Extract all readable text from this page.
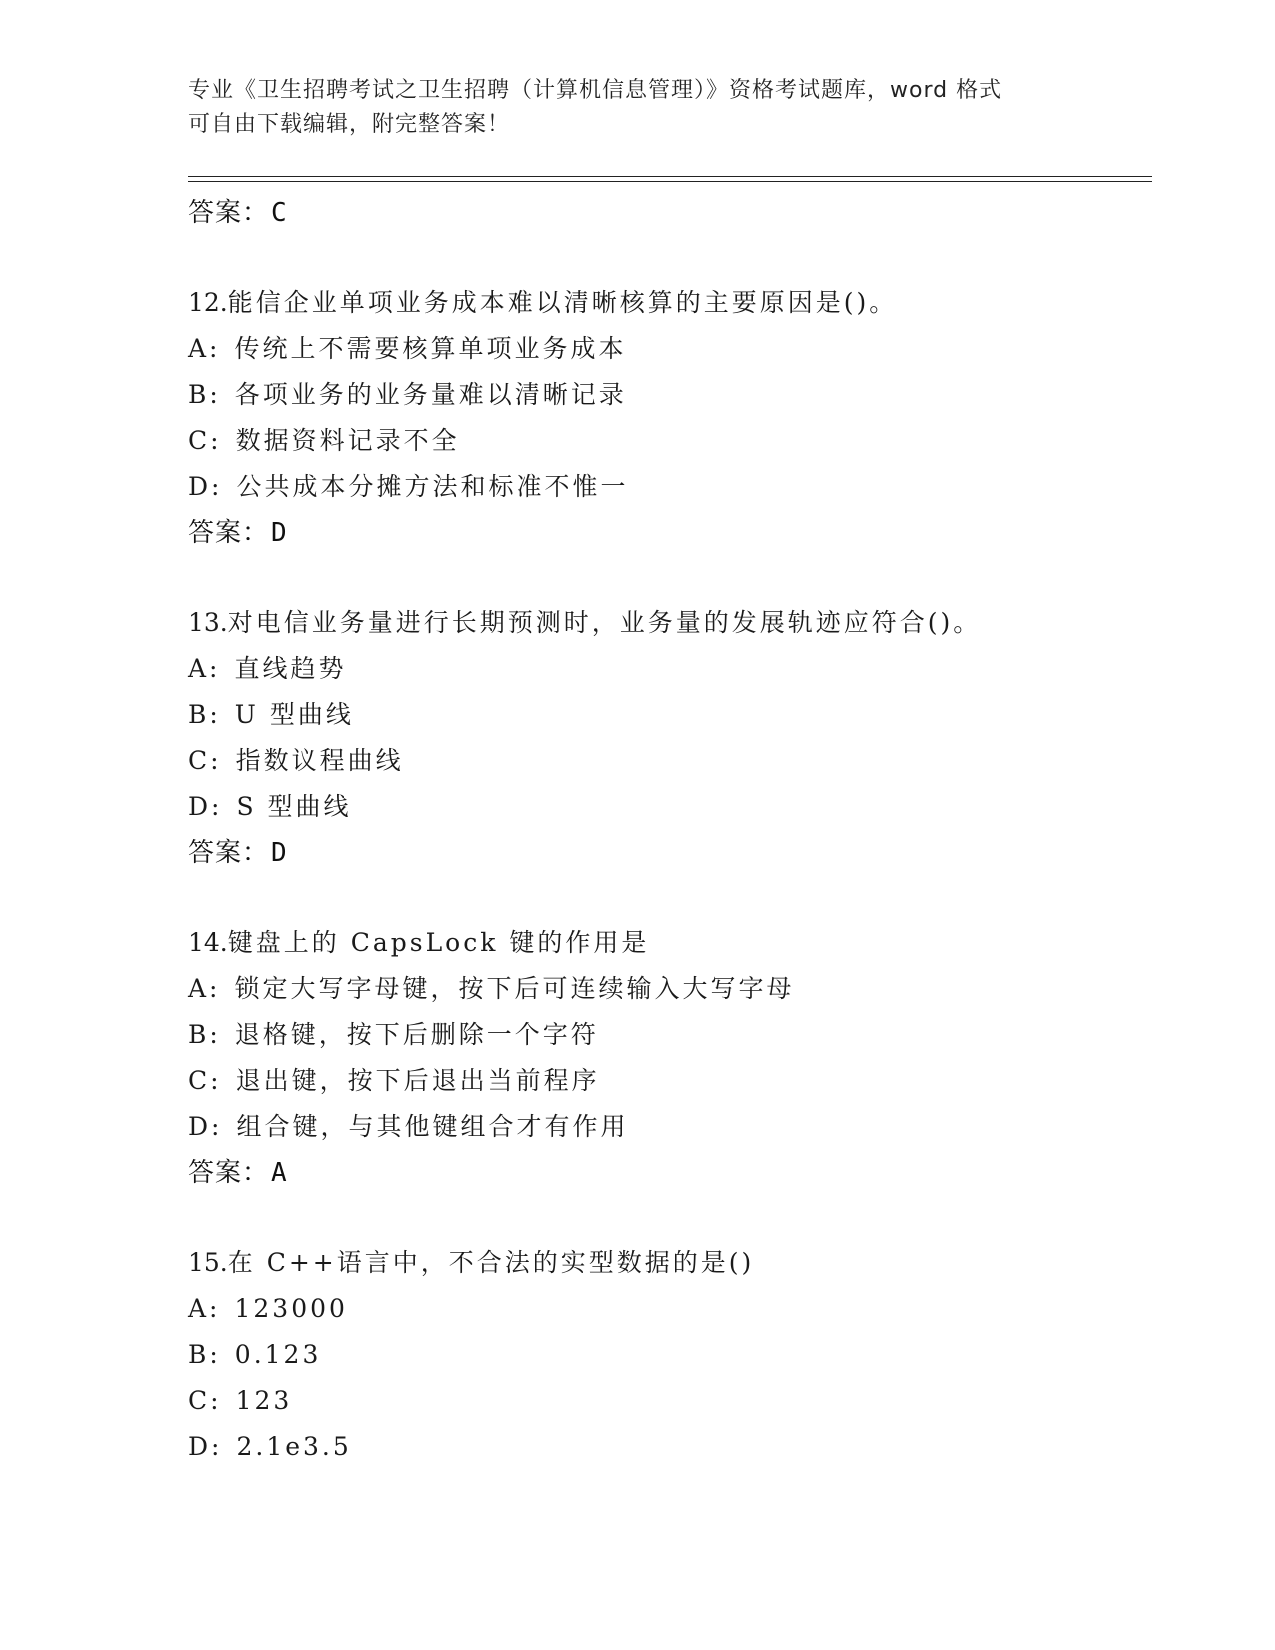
专业《卫生招聘考试之卫生招聘（计算机信息管理）》资格考试题库，word 格式
可自由下载编辑，附完整答案！
答案：C
12.能信企业单项业务成本难以清晰核算的主要原因是()。
A: 传统上不需要核算单项业务成本
B: 各项业务的业务量难以清晰记录
C: 数据资料记录不全
D: 公共成本分摊方法和标准不惟一
答案：D
13.对电信业务量进行长期预测时，业务量的发展轨迹应符合()。
A: 直线趋势
B: U 型曲线
C: 指数议程曲线
D: S 型曲线
答案：D
14.键盘上的 CapsLock 键的作用是
A: 锁定大写字母键，按下后可连续输入大写字母
B: 退格键，按下后删除一个字符
C: 退出键，按下后退出当前程序
D: 组合键，与其他键组合才有作用
答案：A
15.在 C++语言中，不合法的实型数据的是()
A: 123000
B: 0.123
C: 123
D: 2.1e3.5
